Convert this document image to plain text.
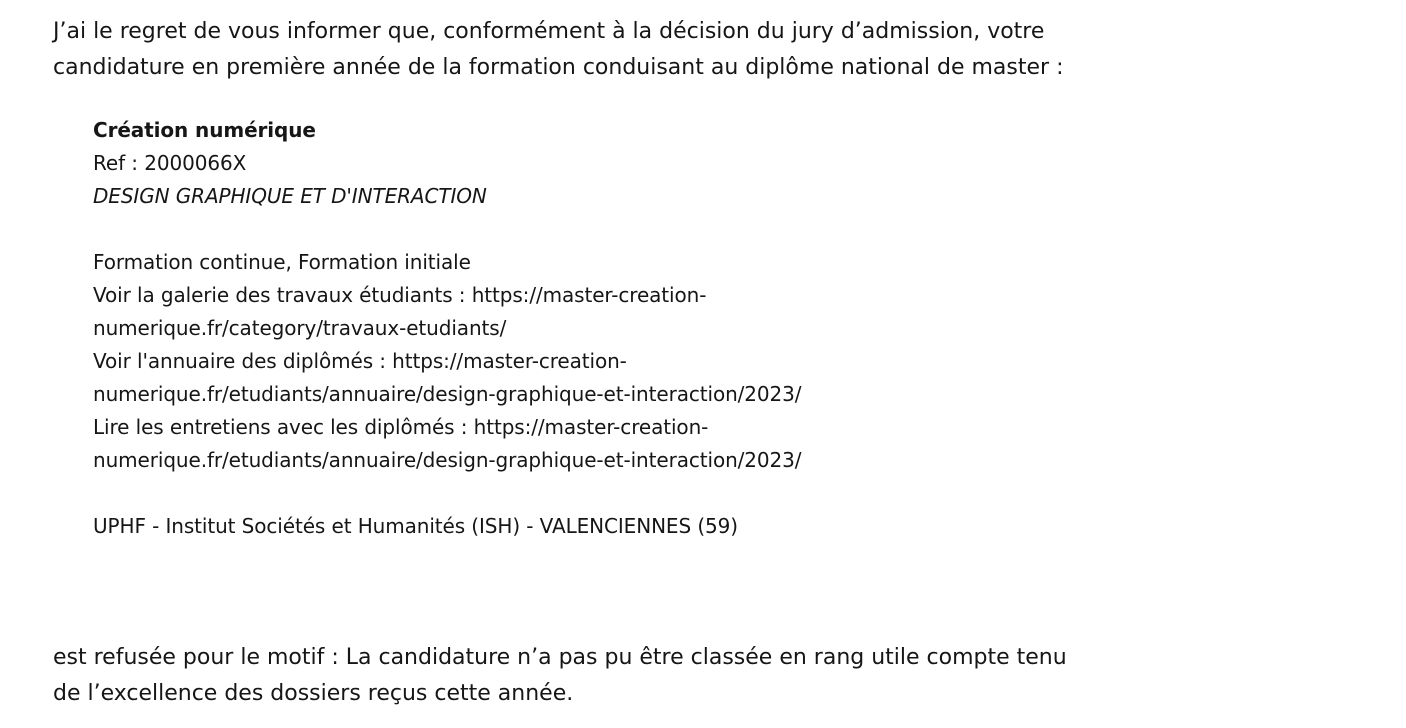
J’ai le regret de vous informer que, conformément à la décision du jury d’admission, votre
candidature en première année de la formation conduisant au diplôme national de master :

Création numérique
Ref : 2000066X
DESIGN GRAPHIQUE ET D'INTERACTION
Formation continue, Formation initiale
Voir la galerie des travaux étudiants : https://master-creation-
numerique.fr/category/travaux-etudiants/
Voir l'annuaire des diplômés : https://master-creation-
numerique.fr/etudiants/annuaire/design-graphique-et-interaction/2023/
Lire les entretiens avec les diplômés : https://master-creation-
numerique.fr/etudiants/annuaire/design-graphique-et-interaction/2023/
UPHF - Institut Sociétés et Humanités (ISH) - VALENCIENNES (59)

est refusée pour le motif : La candidature n’a pas pu être classée en rang utile compte tenu
de l’excellence des dossiers reçus cette année.
